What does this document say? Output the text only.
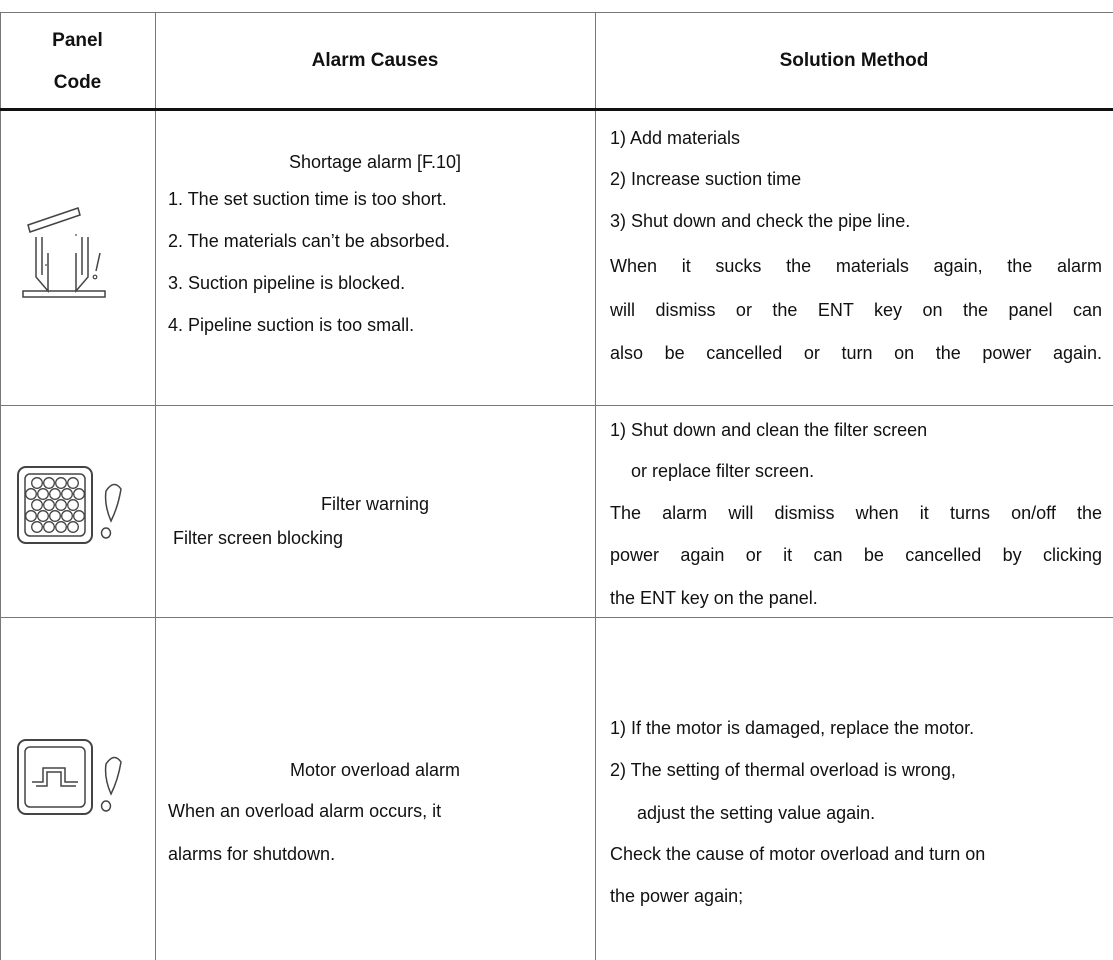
Panel
Code
Alarm Causes	Solution Method
Shortage alarm [F.10]
1. The set suction time is too short.
2. The materials can’t be absorbed.
3. Suction pipeline is blocked.
4. Pipeline suction is too small.
1) Add materials
2) Increase suction time
3) Shut down and check the pipe line.
When it sucks the materials again, the alarm
will dismiss or the ENT key on the panel can
also be cancelled or turn on the power again.
Filter warning
Filter screen blocking
1) Shut down and clean the filter screen
or replace filter screen.
The alarm will dismiss when it turns on/off the
power again or it can be cancelled by clicking
the ENT key on the panel.
Motor overload alarm
When an overload alarm occurs, it
alarms for shutdown.
1) If the motor is damaged, replace the motor.
2) The setting of thermal overload is wrong,
adjust the setting value again.
Check the cause of motor overload and turn on
the power again;
